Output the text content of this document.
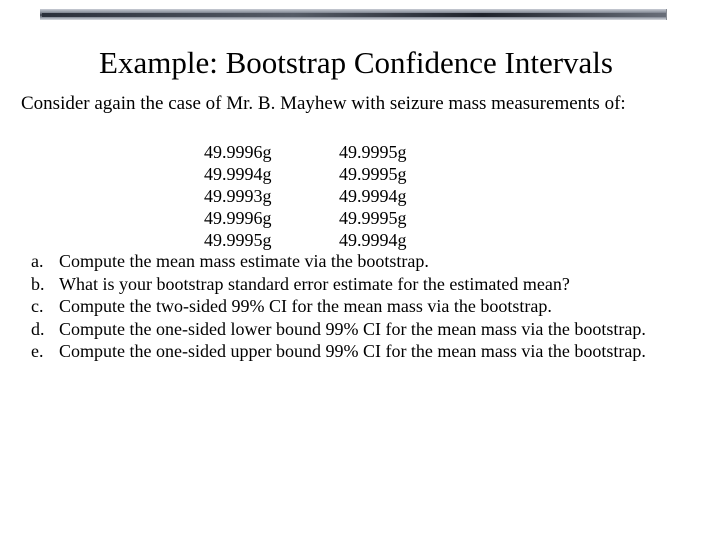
Example: Bootstrap Confidence Intervals
Consider again the case of Mr. B. Mayhew with seizure mass measurements of:
49.9996g
49.9994g
49.9993g
49.9996g
49.9995g
49.9995g
49.9995g
49.9994g
49.9995g
49.9994g
a. Compute the mean mass estimate via the bootstrap.
b. What is your bootstrap standard error estimate for the estimated mean?
c. Compute the two-sided 99% CI for the mean mass via the bootstrap.
d. Compute the one-sided lower bound 99% CI for the mean mass via the bootstrap.
e. Compute the one-sided upper bound 99% CI for the mean mass via the bootstrap.
